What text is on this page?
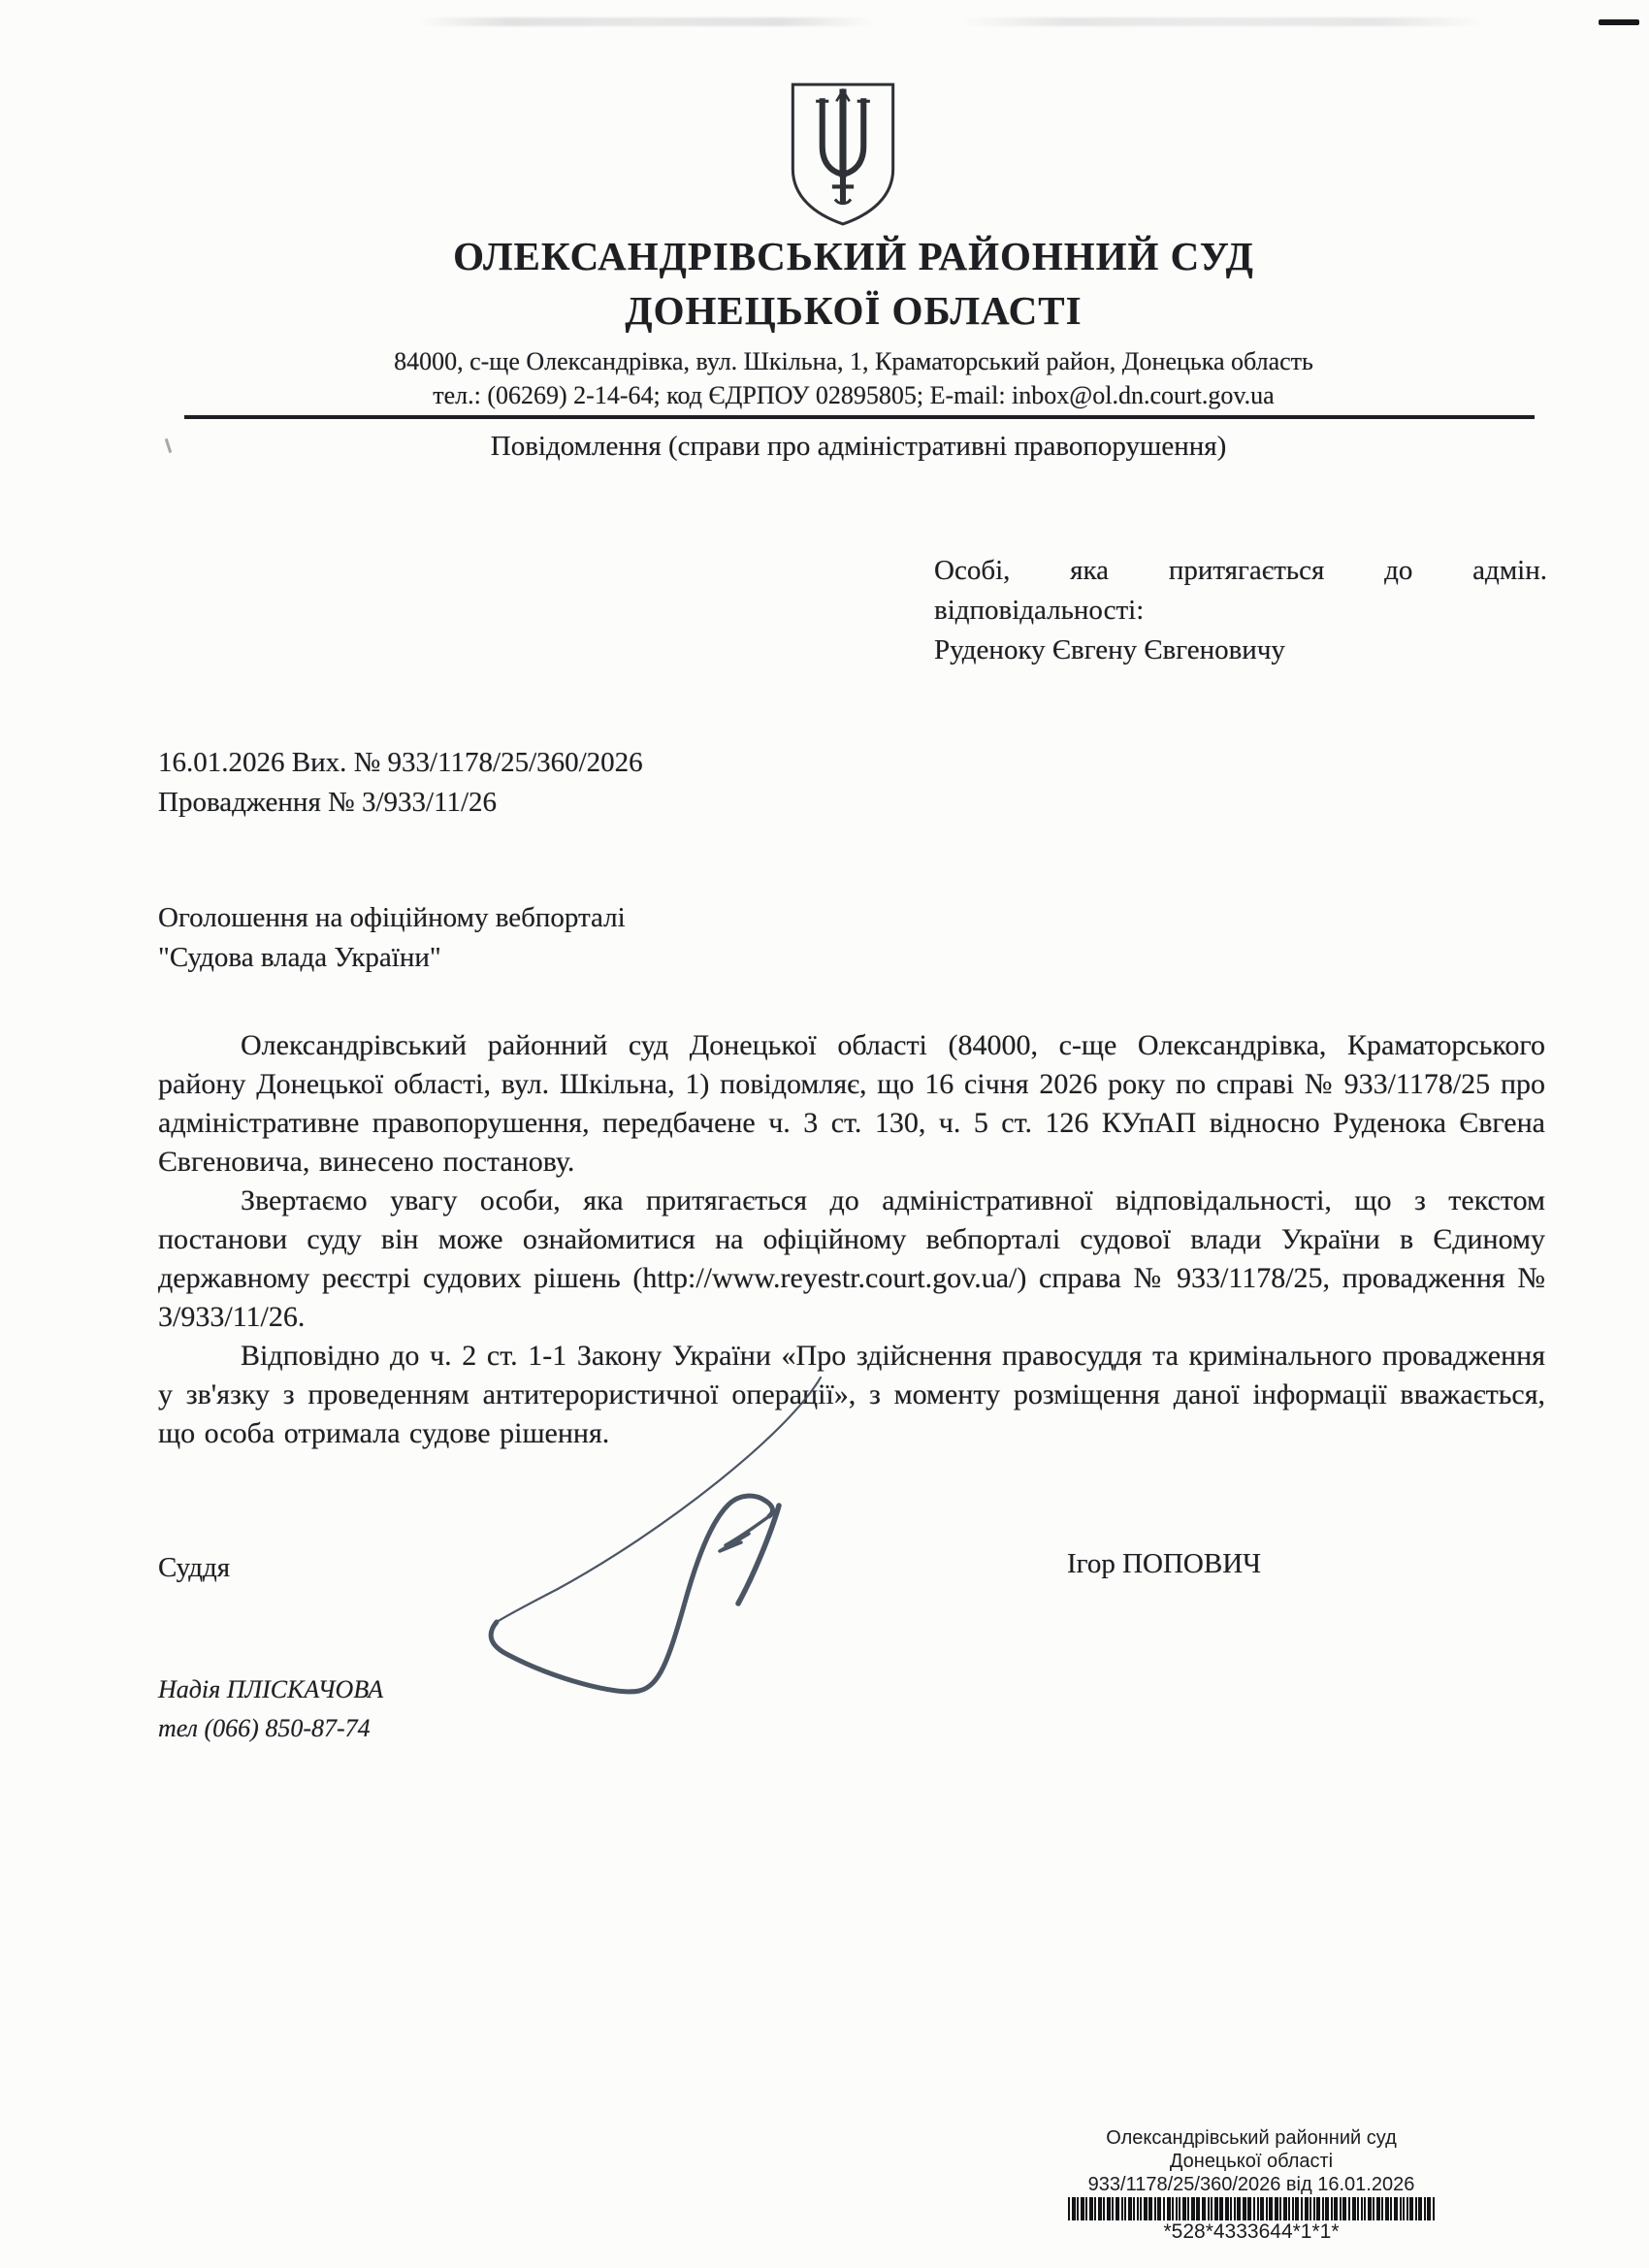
ОЛЕКСАНДРІВСЬКИЙ РАЙОННИЙ СУД
ДОНЕЦЬКОЇ ОБЛАСТІ
84000, с-ще Олександрівка, вул. Шкільна, 1, Краматорський район, Донецька область
тел.: (06269) 2-14-64; код ЄДРПОУ 02895805; E-mail: inbox@ol.dn.court.gov.ua
Повідомлення (справи про адміністративні правопорушення)
Особі, яка притягається до адмін.
відповідальності:
Руденоку Євгену Євгеновичу
16.01.2026 Вих. № 933/1178/25/360/2026
Провадження № 3/933/11/26
Оголошення на офіційному вебпорталі
"Судова влада України"

Олександрівський районний суд Донецької області (84000, с-ще Олександрівка, Краматорського району Донецької області, вул. Шкільна, 1) повідомляє, що 16 січня 2026 року по справі № 933/1178/25 про адміністративне правопорушення, передбачене ч. 3 ст. 130, ч. 5 ст. 126 КУпАП відносно Руденока Євгена Євгеновича, винесено постанову.

Звертаємо увагу особи, яка притягається до адміністративної відповідальності, що з текстом постанови суду він може ознайомитися на офіційному вебпорталі судової влади України в Єдиному державному реєстрі судових рішень (http://www.reyestr.court.gov.ua/) справа № 933/1178/25, провадження № 3/933/11/26.

Відповідно до ч. 2 ст. 1-1 Закону України «Про здійснення правосуддя та кримінального провадження у зв'язку з проведенням антитерористичної операції», з моменту розміщення даної інформації вважається, що особа отримала судове рішення.

Суддя	Ігор ПОПОВИЧ
Надія ПЛІСКАЧОВА
тел (066) 850-87-74
Олександрівський районний суд
Донецької області
933/1178/25/360/2026 від 16.01.2026
*528*4333644*1*1*
